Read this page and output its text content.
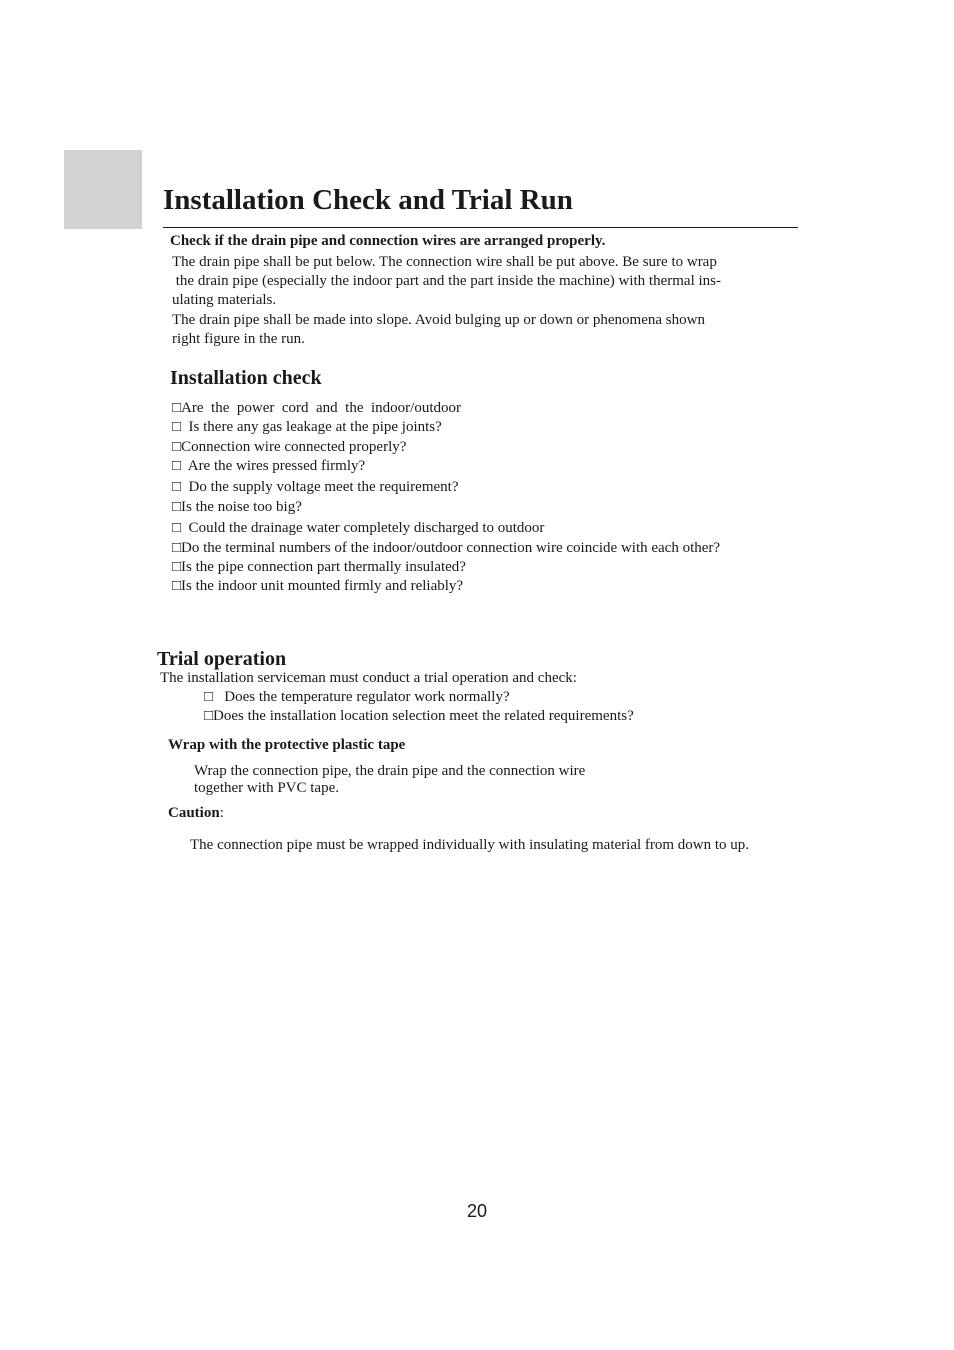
Installation Check and Trial Run

Check if the drain pipe and connection wires are arranged properly.

The drain pipe shall be put below. The connection wire shall be put above. Be sure to wrap

the drain pipe (especially the indoor part and the part inside the machine) with thermal ins-

ulating materials.

The drain pipe shall be made into slope. Avoid bulging up or down or phenomena shown

right figure in the run.

Installation check

□Are  the  power  cord  and  the  indoor/outdoor

□  Is there any gas leakage at the pipe joints?

□Connection wire connected properly?

□  Are the wires pressed firmly?

□  Do the supply voltage meet the requirement?

□Is the noise too big?

□  Could the drainage water completely discharged to outdoor

□Do the terminal numbers of the indoor/outdoor connection wire coincide with each other?

□Is the pipe connection part thermally insulated?

□Is the indoor unit mounted firmly and reliably?

Trial operation

The installation serviceman must conduct a trial operation and check:

□   Does the temperature regulator work normally?

□Does the installation location selection meet the related requirements?

Wrap with the protective plastic tape

Wrap the connection pipe, the drain pipe and the connection wire

together with PVC tape.

Caution:

The connection pipe must be wrapped individually with insulating material from down to up.

20
